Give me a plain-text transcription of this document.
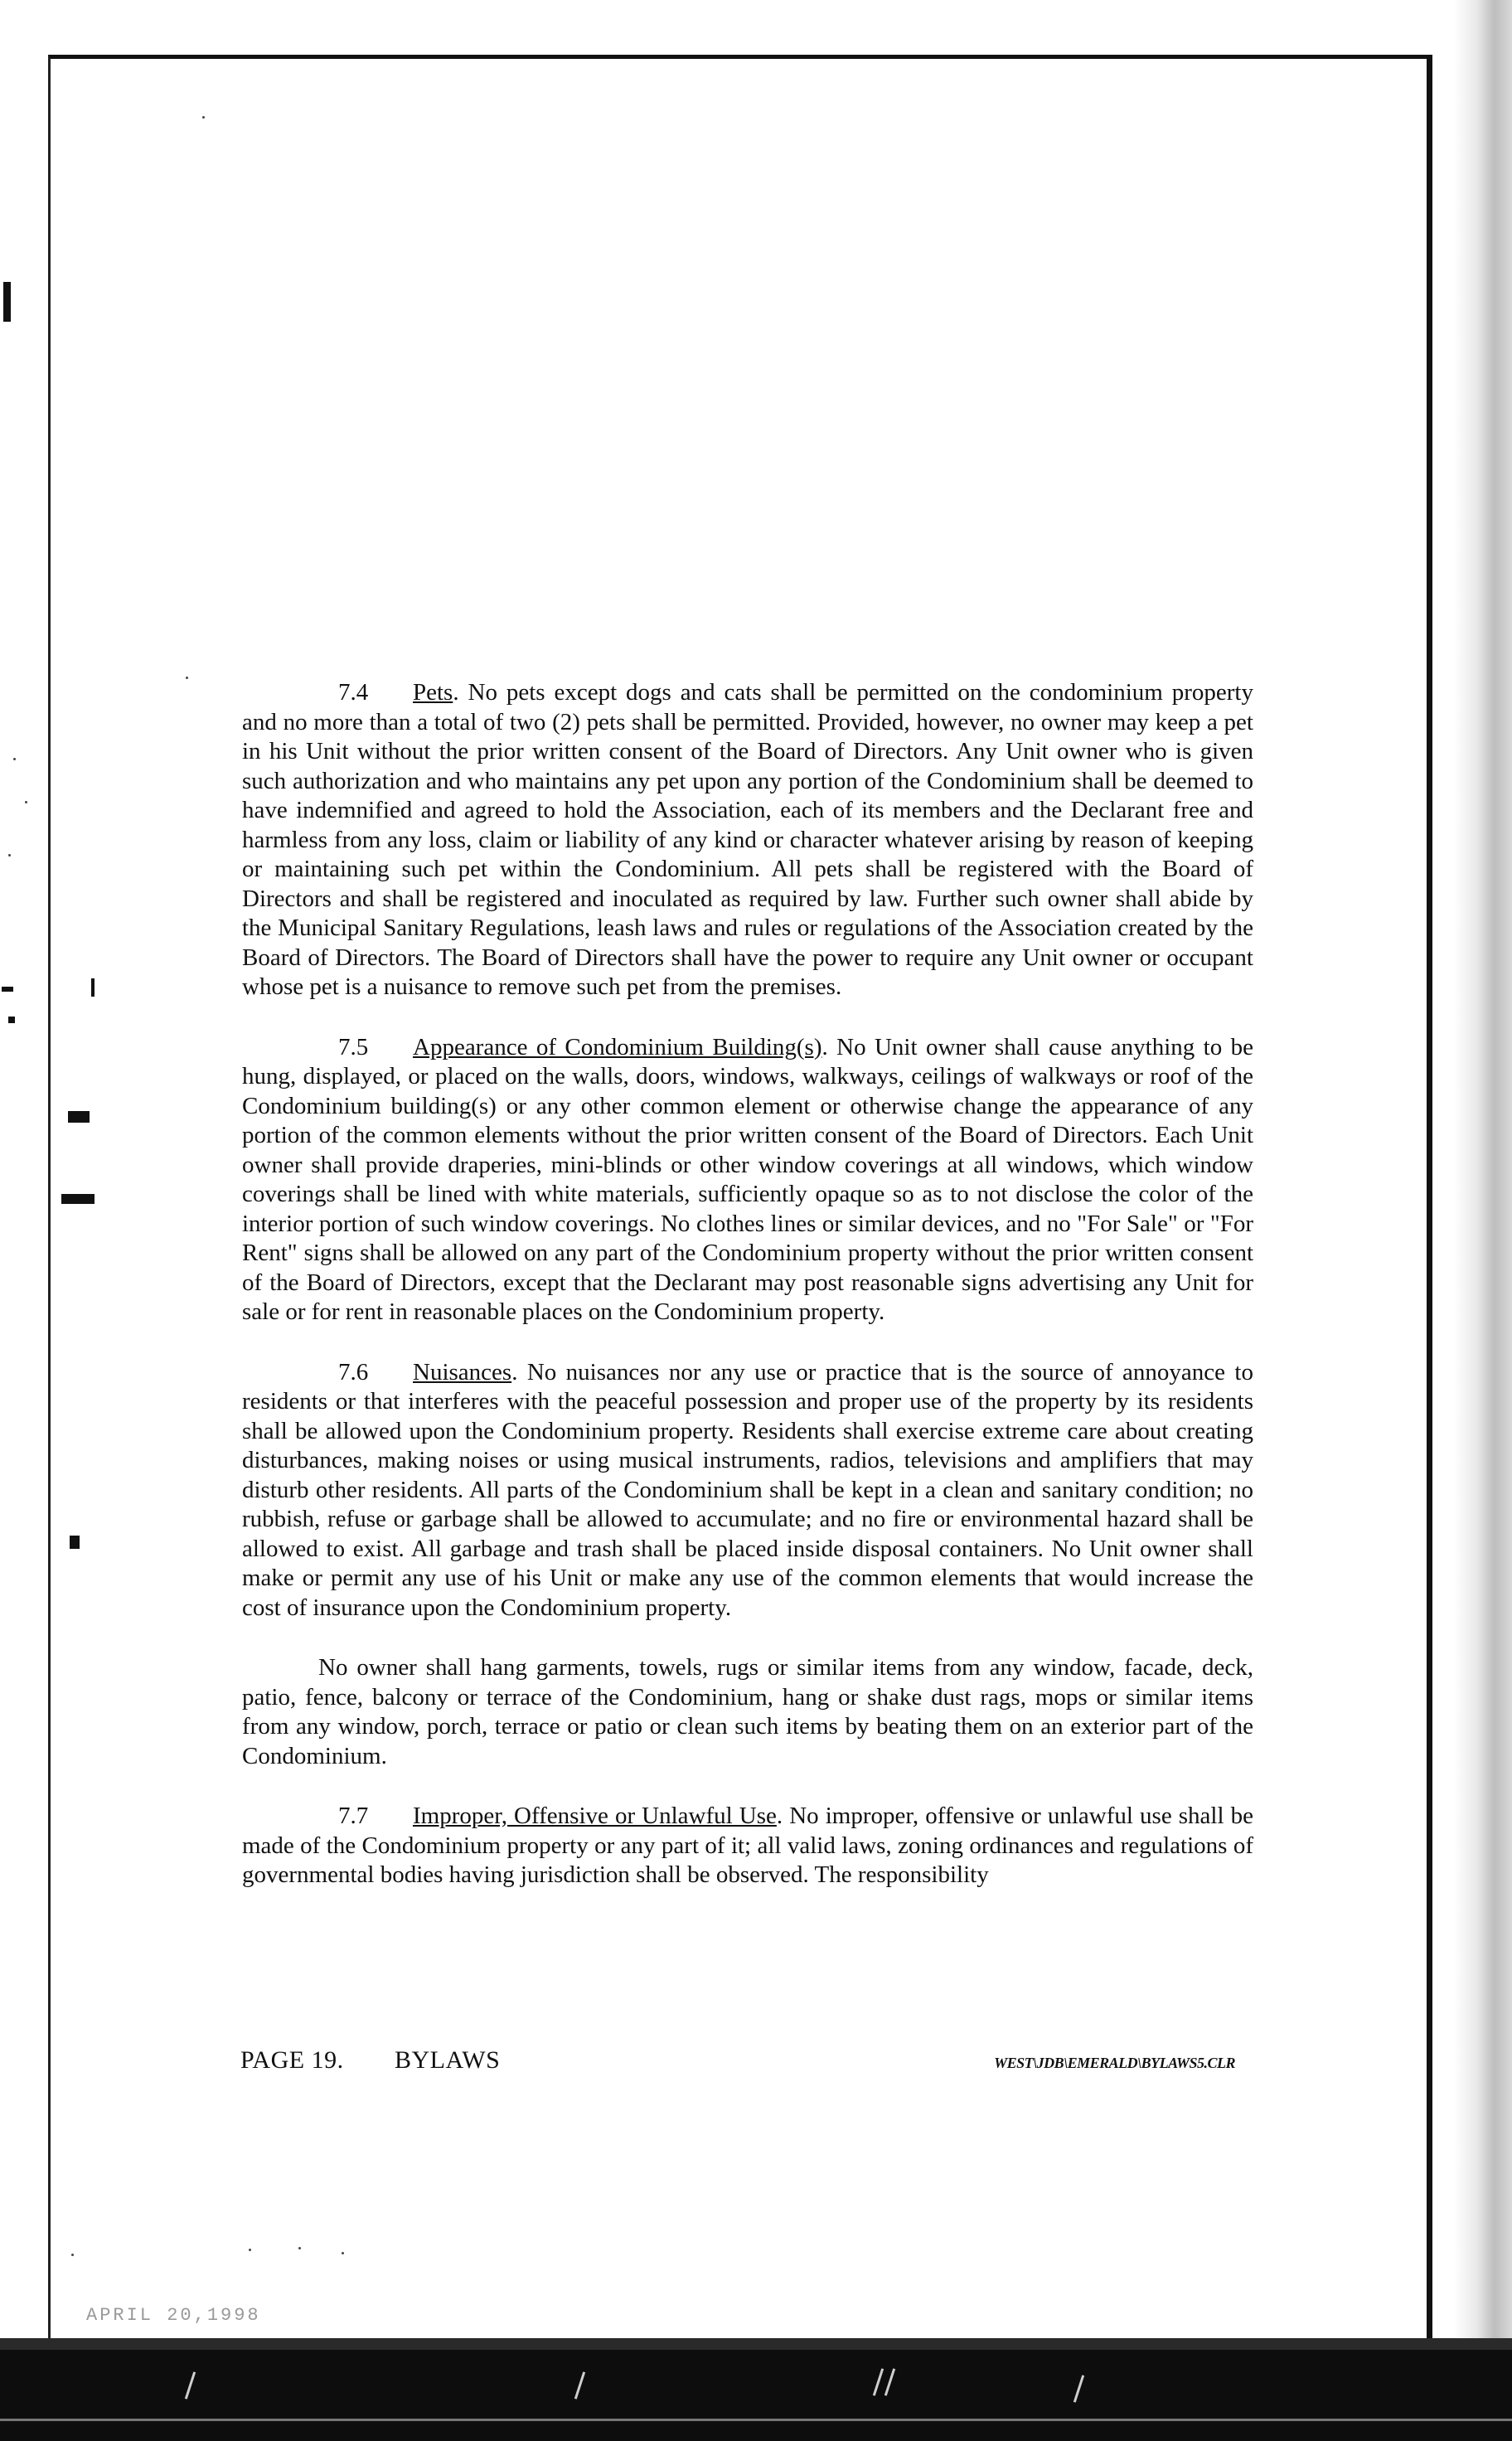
7.4 Pets. No pets except dogs and cats shall be permitted on the condominium property and no more than a total of two (2) pets shall be permitted. Provided, however, no owner may keep a pet in his Unit without the prior written consent of the Board of Directors. Any Unit owner who is given such authorization and who maintains any pet upon any portion of the Condominium shall be deemed to have indemnified and agreed to hold the Association, each of its members and the Declarant free and harmless from any loss, claim or liability of any kind or character whatever arising by reason of keeping or maintaining such pet within the Condominium. All pets shall be registered with the Board of Directors and shall be registered and inoculated as required by law. Further such owner shall abide by the Municipal Sanitary Regulations, leash laws and rules or regulations of the Association created by the Board of Directors. The Board of Directors shall have the power to require any Unit owner or occupant whose pet is a nuisance to remove such pet from the premises.

7.5 Appearance of Condominium Building(s). No Unit owner shall cause anything to be hung, displayed, or placed on the walls, doors, windows, walkways, ceilings of walkways or roof of the Condominium building(s) or any other common element or otherwise change the appearance of any portion of the common elements without the prior written consent of the Board of Directors. Each Unit owner shall provide draperies, mini-blinds or other window coverings at all windows, which window coverings shall be lined with white materials, sufficiently opaque so as to not disclose the color of the interior portion of such window coverings. No clothes lines or similar devices, and no "For Sale" or "For Rent" signs shall be allowed on any part of the Condominium property without the prior written consent of the Board of Directors, except that the Declarant may post reasonable signs advertising any Unit for sale or for rent in reasonable places on the Condominium property.

7.6 Nuisances. No nuisances nor any use or practice that is the source of annoyance to residents or that interferes with the peaceful possession and proper use of the property by its residents shall be allowed upon the Condominium property. Residents shall exercise extreme care about creating disturbances, making noises or using musical instruments, radios, televisions and amplifiers that may disturb other residents. All parts of the Condominium shall be kept in a clean and sanitary condition; no rubbish, refuse or garbage shall be allowed to accumulate; and no fire or environmental hazard shall be allowed to exist. All garbage and trash shall be placed inside disposal containers. No Unit owner shall make or permit any use of his Unit or make any use of the common elements that would increase the cost of insurance upon the Condominium property.

No owner shall hang garments, towels, rugs or similar items from any window, facade, deck, patio, fence, balcony or terrace of the Condominium, hang or shake dust rags, mops or similar items from any window, porch, terrace or patio or clean such items by beating them on an exterior part of the Condominium.

7.7 Improper, Offensive or Unlawful Use. No improper, offensive or unlawful use shall be made of the Condominium property or any part of it; all valid laws, zoning ordinances and regulations of governmental bodies having jurisdiction shall be observed. The responsibility

PAGE 19. BYLAWS	WEST\JDB\EMERALD\BYLAWS5.CLR
APRIL 20,1998
